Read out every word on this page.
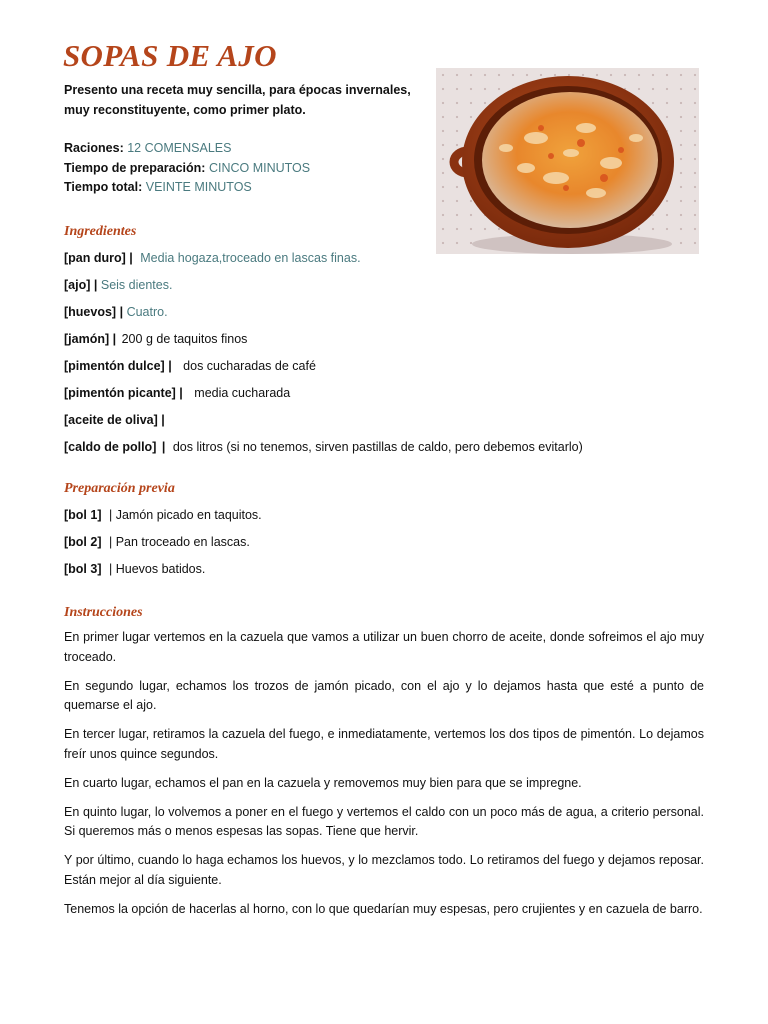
SOPAS DE AJO

Presento una receta muy sencilla, para épocas invernales, muy reconstituyente, como primer plato.

Raciones: 12 COMENSALES
Tiempo de preparación: CINCO MINUTOS
Tiempo total: VEINTE MINUTOS
Ingredientes
[pan duro] | Media hogaza,troceado en lascas finas.
[ajo] | Seis dientes.
[huevos] | Cuatro.
[jamón] | 200 g de taquitos finos
[pimentón dulce] | dos cucharadas de café
[pimentón picante] | media cucharada
[aceite de oliva] |
[caldo de pollo] | dos litros (si no tenemos, sirven pastillas de caldo, pero debemos evitarlo)
Preparación previa
[bol 1] | Jamón picado en taquitos.
[bol 2] | Pan troceado en lascas.
[bol 3] | Huevos batidos.
Instrucciones

En primer lugar vertemos en la cazuela que vamos a utilizar un buen chorro de aceite, donde sofreimos el ajo muy troceado.

En segundo lugar, echamos los trozos de jamón picado, con el ajo y lo dejamos hasta que esté a punto de quemarse el ajo.

En tercer lugar, retiramos la cazuela del fuego, e inmediatamente, vertemos los dos tipos de pimentón. Lo dejamos freír unos quince segundos.

En cuarto lugar, echamos el pan en la cazuela y removemos muy bien para que se impregne.

En quinto lugar, lo volvemos a poner en el fuego y vertemos el caldo con un poco más de agua, a criterio personal. Si queremos más o menos espesas las sopas. Tiene que hervir.

Y por último, cuando lo haga echamos los huevos, y lo mezclamos todo. Lo retiramos del fuego y dejamos reposar. Están mejor al día siguiente.

Tenemos la opción de hacerlas al horno, con lo que quedarían muy espesas, pero crujientes y en cazuela de barro.
